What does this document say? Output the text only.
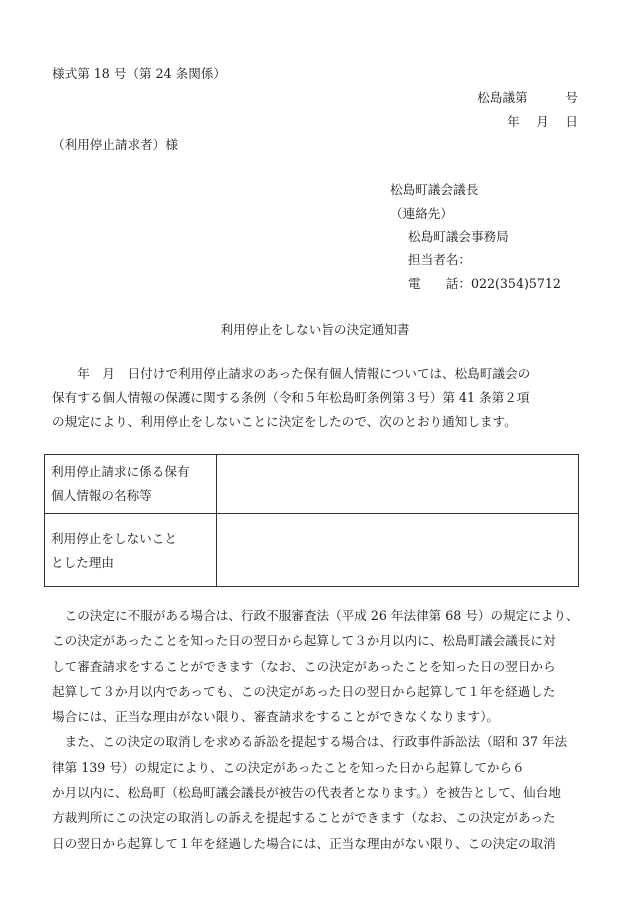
様式第 18 号（第 24 条関係）
松島議第　　　号
年　 月　 日
（利用停止請求者）様
松島町議会議長
（連絡先）
松島町議会事務局
担当者名：
電　　話：022(354)5712
利用停止をしない旨の決定通知書
　　年　月　日付けで利用停止請求のあった保有個人情報については、松島町議会の
保有する個人情報の保護に関する条例（令和５年松島町条例第３号）第 41 条第２項
の規定により、利用停止をしないことに決定をしたので、次のとおり通知します。
利用停止請求に係る保有
個人情報の名称等	

利用停止をしないこと
とした理由	

　この決定に不服がある場合は、行政不服審査法（平成 26 年法律第 68 号）の規定により、
この決定があったことを知った日の翌日から起算して３か月以内に、松島町議会議長に対
して審査請求をすることができます（なお、この決定があったことを知った日の翌日から
起算して３か月以内であっても、この決定があった日の翌日から起算して１年を経過した
場合には、正当な理由がない限り、審査請求をすることができなくなります）。
　また、この決定の取消しを求める訴訟を提起する場合は、行政事件訴訟法（昭和 37 年法
律第 139 号）の規定により、この決定があったことを知った日から起算してから６
か月以内に、松島町（松島町議会議長が被告の代表者となります。）を被告として、仙台地
方裁判所にこの決定の取消しの訴えを提起することができます（なお、この決定があった
日の翌日から起算して１年を経過した場合には、正当な理由がない限り、この決定の取消
